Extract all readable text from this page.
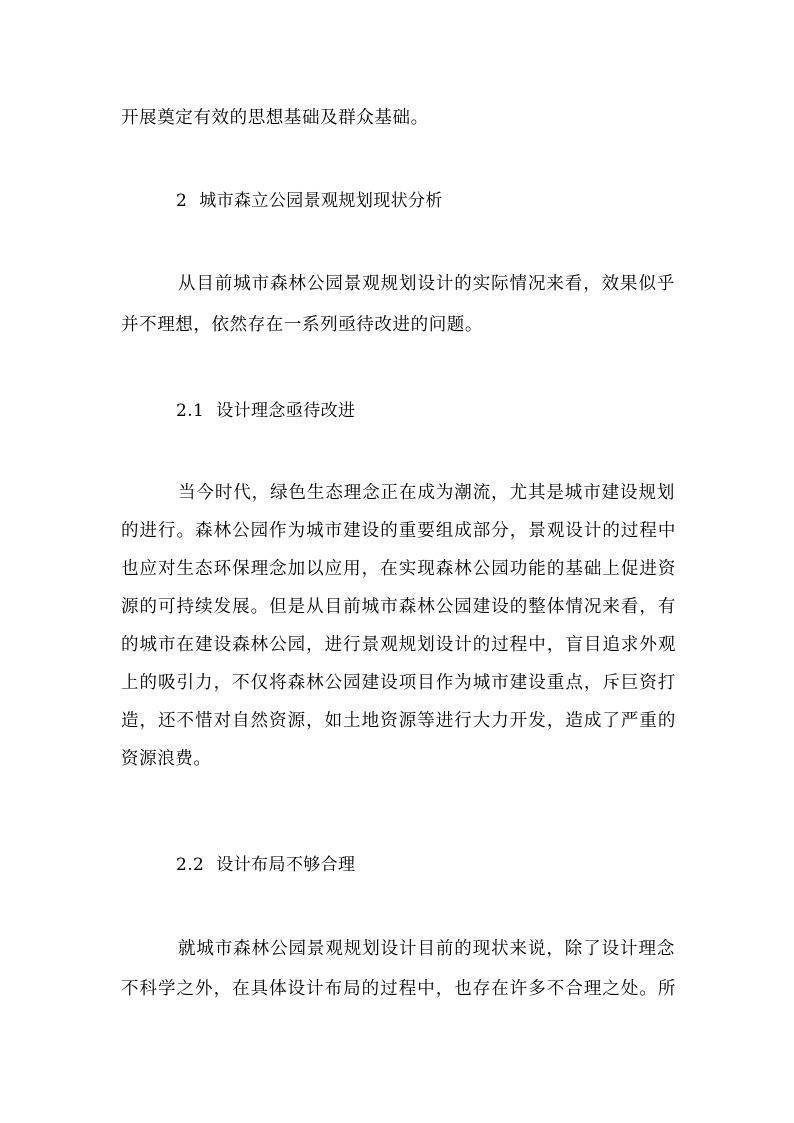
开展奠定有效的思想基础及群众基础。
2 城市森立公园景观规划现状分析
从目前城市森林公园景观规划设计的实际情况来看，效果似乎
并不理想，依然存在一系列亟待改进的问题。
2.1 设计理念亟待改进
当今时代，绿色生态理念正在成为潮流，尤其是城市建设规划
的进行。森林公园作为城市建设的重要组成部分，景观设计的过程中
也应对生态环保理念加以应用，在实现森林公园功能的基础上促进资
源的可持续发展。但是从目前城市森林公园建设的整体情况来看，有
的城市在建设森林公园，进行景观规划设计的过程中，盲目追求外观
上的吸引力，不仅将森林公园建设项目作为城市建设重点，斥巨资打
造，还不惜对自然资源，如土地资源等进行大力开发，造成了严重的
资源浪费。
2.2 设计布局不够合理
就城市森林公园景观规划设计目前的现状来说，除了设计理念
不科学之外，在具体设计布局的过程中，也存在许多不合理之处。所
